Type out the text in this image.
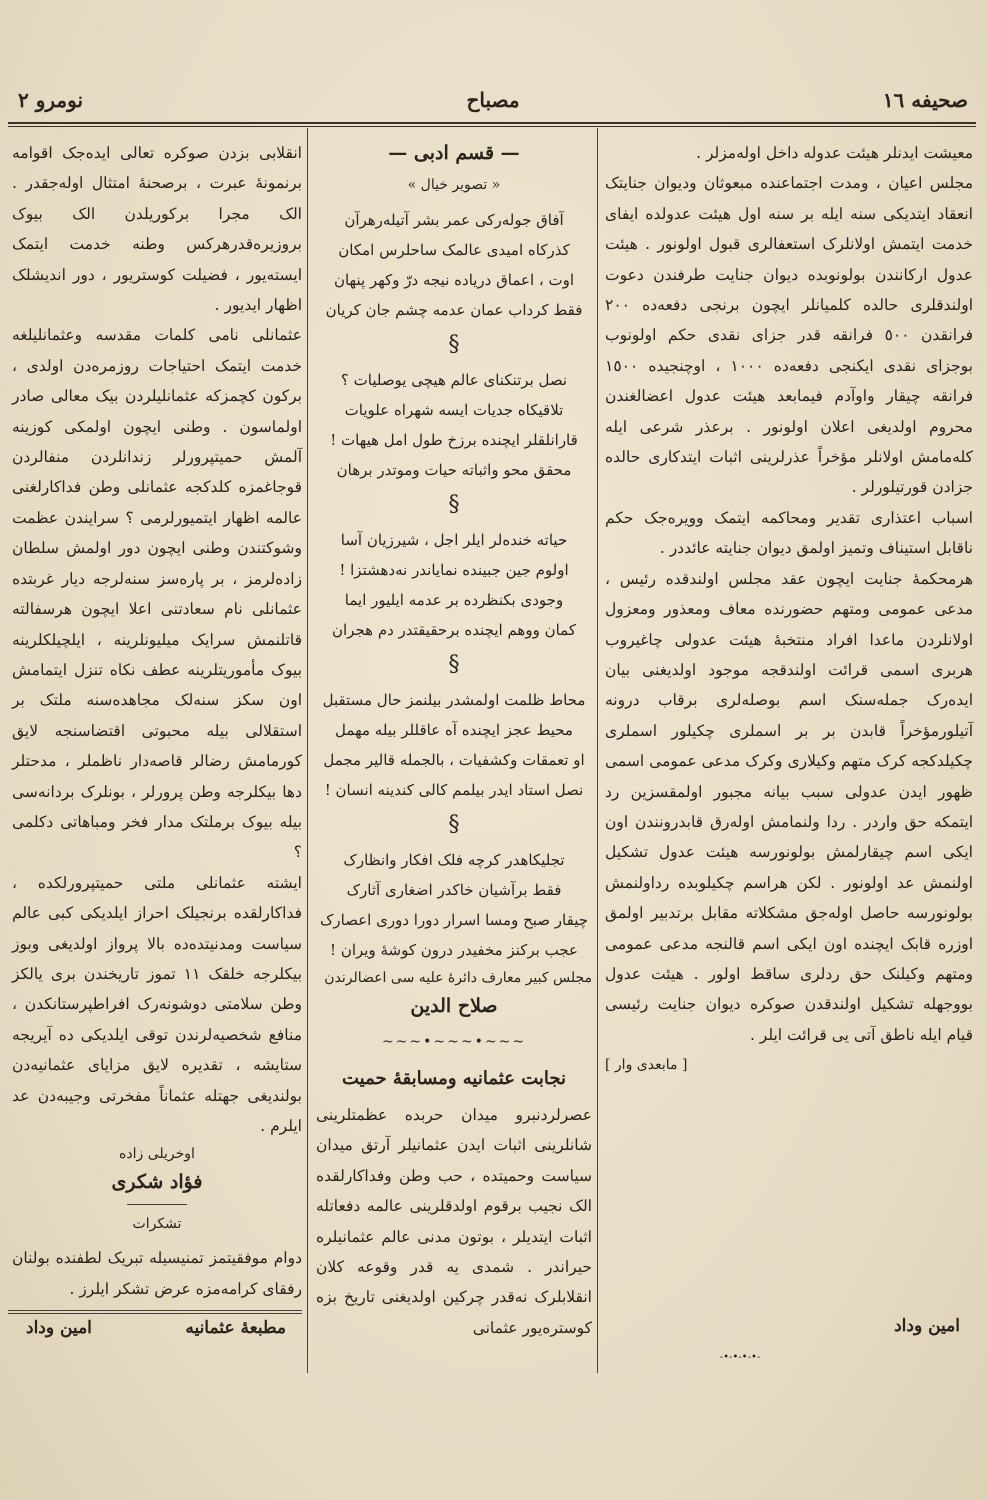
صحیفه ١٦
مصباح
نومرو ٢

معیشت ایدنلر هیئت عدولە داخل اولەمزلر .

مجلس اعیان ، ومدت اجتماعندە مبعوثان ودیوان جنایتک انعقاد ایتدیکی سنە ایلە بر سنە اول هیئت عدولدە ایفای خدمت ایتمش اولانلرک استعفالری قبول اولونور . هیئت عدول ارکانندن بولونوبدە دیوان جنایت طرفندن دعوت اولندقلری حالدە کلمیانلر ایچون برنجی دفعەدە ٢٠٠ فرانقدن ٥٠٠ فرانقە قدر جزای نقدی حکم اولونوب بوجزای نقدی ایکنجی دفعەدە ١٠٠٠ ، اوچنجیدە ١٥٠٠ فرانقە چیقار واوآدم فیمابعد هیئت عدول اعضالغندن محروم اولدیغی اعلان اولونور . برعذر شرعی ایلە کلەمامش اولانلر مؤخراً عذرلرینی اثبات ایتدکاری حالدە جزادن قورتیلورلر .

اسباب اعتذاری تقدیر ومحاکمە ایتمک وویرەجک حکم ناقابل استیناف وتمیز اولمق دیوان جنایتە عائددر .

هرمحکمۀ جنایت ایچون عقد مجلس اولندقدە رئیس ، مدعی عمومی ومتهم حضورندە معاف ومعذور ومعزول اولانلردن ماعدا افراد منتخبۀ هیئت عدولی چاغیروب هربری اسمی قرائت اولندقجە موجود اولدیغنی بیان ایدەرک جملەسنک اسم بوصلەلری برقاب درونە آتیلورمؤخراً قابدن بر بر اسملری چکیلور اسملری چکیلدکجە کرک متهم وکیلاری وکرک مدعی عمومی اسمی ظهور ایدن عدولی سبب بیانە مجبور اولمقسزین رد ایتمکە حق واردر . ردا ولنمامش اولەرق قابدرونندن اون ایکی اسم چیقارلمش بولونورسە هیئت عدول تشکیل اولنمش عد اولونور . لکن هراسم چکیلوبدە رداولنمش بولونورسە حاصل اولەجق مشکلاتە مقابل برتدبیر اولمق اوزرە قابک ایچندە اون ایکی اسم قالنجە مدعی عمومی ومتهم وکیلنک حق ردلری ساقط اولور . هیئت عدول بووجهلە تشکیل اولندقدن صوکرە دیوان جنایت رئیسی قیام ایلە ناطق آتی یی قرائت ایلر .

[ مابعدی وار ]

— قسم ادبی —
« تصویر خیال »
آفاق جولەرکی عمر بشر آتیلەرهرآن
کذرکاه امیدی عالمک ساحلرس امکان
اوت ، اعماق دریادە نیجە درّ وکهر پنهان
فقط کرداب عمان عدمە چشم جان کریان
§
نصل برتنکنای عالم هیچی یوصلیات ؟
تلاقیکاه جدیات ایسە شهراه علویات
قارانلقلر ایچندە برزخ طول امل هیهات !
محقق محو واثباتە حیات وموتدر برهان
§
حیاتە خندەلر ایلر اجل ، شیرزیان آسا
اولوم جین جبیندە نمایاندر نەدهشتزا !
وجودی بکنظردە بر عدمە ایلیور ایما
کمان ووهم ایچندە برحقیقتدر دم هجران
§
محاط ظلمت اولمشدر بیلنمز حال مستقبل
محیط عجز ایچندە آه عاقللر بیلە مهمل
او تعمقات وکشفیات ، بالجملە قالیر مجمل
نصل استاد ایدر بیلمم کالی کندینە انسان !
§
تجلیکاهدر کرچە فلک افکار وانظارک
فقط برآشیان خاکدر اضغاری آثارک
چیقار صبح ومسا اسرار دورا دوری اعصارک
عجب برکنز مخفیدر درون کوشۀ ویران !
مجلس کبیر معارف دائرۀ علیه سی اعضالرندن
صلاح الدین
~~~•~~~•~~~
نجابت عثمانیه ومسابقۀ حمیت

عصرلردنبرو میدان حربدە عظمتلرینی شانلرینی اثبات ایدن عثمانیلر آرتق میدان سیاست وحمیتدە ، حب وطن وفداکارلقدە الک نجیب برقوم اولدقلرینی عالمە دفعاتلە اثبات ایتدیلر ، بوتون مدنی عالم عثمانیلرە حیراندر . شمدی یە قدر وقوعە کلان انقلابلرک نەقدر چرکین اولدیغنی تاریخ بزە کوسترەیور عثمانی

انقلابی بزدن صوکرە تعالی ایدەجک اقوامە برنمونۀ عبرت ، برصحنۀ امتثال اولەجقدر . الک مجرا برکوریلدن الک بیوک بروزیرەقدرهرکس وطنە خدمت ایتمک ایستەیور ، فضیلت کوستریور ، دور اندیشلک اظهار ایدیور .

عثمانلی نامی کلمات مقدسە وعثمانلیلغە خدمت ایتمک احتیاجات روزمرەدن اولدی ، برکون کچمزکە عثمانلیلردن بیک معالی صادر اولماسون . وطنی ایچون اولمکی کوزینە آلمش حمیتپرورلر زندانلردن منفالردن قوجاغمزە کلدکجە عثمانلی وطن فداکارلغنی عالمە اظهار ایتمیورلرمی ؟ سرایندن عظمت وشوکتندن وطنی ایچون دور اولمش سلطان زادەلرمز ، بر پارەسز سنەلرجە دیار غربتدە عثمانلی نام سعادتنی اعلا ایچون هرسفالتە قاتلنمش سرایک میلیونلرینە ، ایلچیلکلرینە بیوک مأموریتلرینە عطف نکاە تنزل ایتمامش اون سکز سنەلک مجاهدەسنە ملتک بر استقلالی بیلە محبوتی اقتضاسنجە لایق کورمامش رضالر قاصەدار ناظملر ، مدحتلر دها بیکلرجە وطن پرورلر ، بونلرک بردانەسی بیلە بیوک برملتک مدار فخر ومباهاتی دکلمی ؟

ایشتە عثمانلی ملتی حمیتپرورلکدە ، فداکارلقدە برنجیلک احراز ایلدیکی کبی عالم سیاست ومدنیتدەدە بالا پرواز اولدیغی وبوز بیکلرجە خلقک ١١ تموز تاریخندن بری یالکز وطن سلامتی دوشونەرک افراطپرستانکدن ، منافع شخصیەلرندن توقی ایلدیکی دە آیریجە ستایشە ، تقدیرە لایق مزایای عثمانیەدن بولندیغی جهتلە عثماناً مفخرتی وجیبەدن عد ایلرم .

اوخریلی زادە
فؤاد شکری
تشکرات

دوام موفقیتمز تمنیسیلە تبریک لطفندە بولنان رفقای کرامەمزە عرض تشکر ایلرز .

مطبعۀ عثمانیه
امین وداد	امین وداد
-•-•-•-•-
